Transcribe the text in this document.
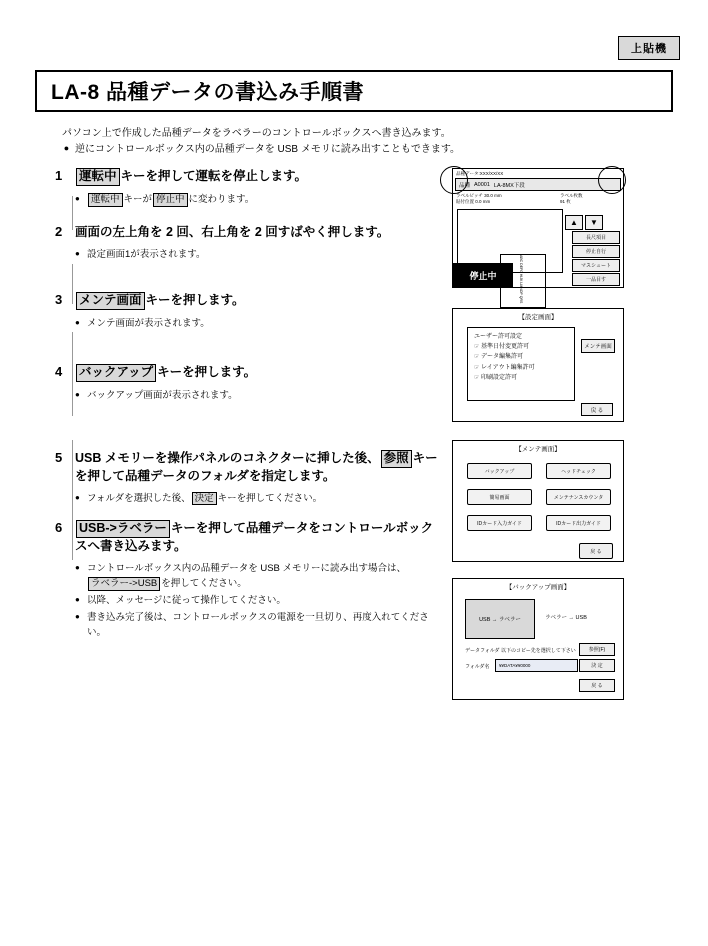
上貼機
LA-8 品種データの書込み手順書
パソコン上で作成した品種データをラベラーのコントロールボックスへ書き込みます。
● 逆にコントロールボックス内の品種データを USB メモリに読み出すこともできます。
1	運転中 キーを押して運転を停止します。
●	運転中 キーが 停止中 に変わります。
2	画面の左上角を 2 回、右上角を 2 回すばやく押します。
● 設定画面1が表示されます。
3	メンテ画面 キーを押します。
● メンテ画面が表示されます。
4	バックアップ キーを押します。
● バックアップ画面が表示されます。
5	USB メモリーを操作パネルのコネクターに挿した後、 参照 キーを押して品種データのフォルダを指定します。
● フォルダを選択した後、 決定 キーを押してください。
6	USB->ラベラー キーを押して品種データをコントロールボックスへ書き込みます。
● コントロールボックス内の品種データを USB メモリーに読み出す場合は、ラベラー->USB を押してください。
● 以降、メッセージに従って操作してください。
● 書き込み完了後は、コントロールボックスの電源を一旦切り、再度入れてください。
品種データ:XXX/XX/XX
品種 A0001 LA-8MX下段
ラベルピッチ 30.0 mm
貼付位置 0.0 mm
ラベル枚数
91 枚
ABC DEFG HIJK LMNOP QRS
▲	▼
長尺項目
停止自行
マスシュート
一品目す
停止中
【設定画面】
ユーザー許可設定
☞ 基準日付変更許可
☞ データ編集許可
☞ レイアウト編集許可
☞ 印刷設定許可
メンテ画面
戻 る
【メンテ画面】
バックアップ	ヘッドチェック
簡易画面	メンテナンスカウンタ
IDカード入力ガイド	IDカード出力ガイド
戻 る
【バックアップ画面】
USB → ラベラー	ラベラー → USB
データフォルダ 以下のコピー先を選択して下さい	参照(F)
フォルダ名	¥¥DATA¥¥0000	決 定
戻 る
